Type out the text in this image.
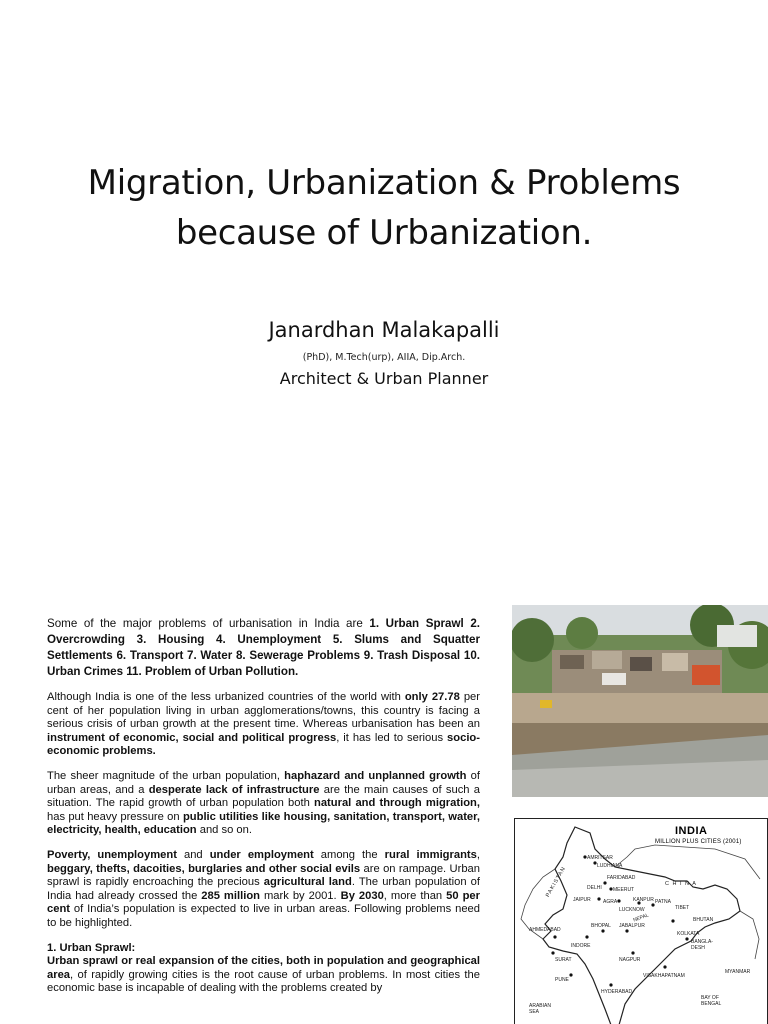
Migration, Urbanization & Problems
because of Urbanization.
Janardhan Malakapalli
(PhD), M.Tech(urp), AIIA, Dip.Arch.
Architect & Urban Planner

Some of the major problems of urbanisation in India are 1. Urban Sprawl 2. Overcrowding 3. Housing 4. Unemployment 5. Slums and Squatter Settlements 6. Transport 7. Water 8. Sewerage Problems 9. Trash Disposal 10. Urban Crimes 11. Problem of Urban Pollution.

Although India is one of the less urbanized countries of the world with only 27.78 per cent of her population living in urban agglomerations/towns, this country is facing a serious crisis of urban growth at the present time. Whereas urbanisation has been an instrument of economic, social and political progress, it has led to serious socio-economic problems.

The sheer magnitude of the urban population, haphazard and unplanned growth of urban areas, and a desperate lack of infrastructure are the main causes of such a situation. The rapid growth of urban population both natural and through migration, has put heavy pressure on public utilities like housing, sanitation, transport, water, electricity, health, education and so on.

Poverty, unemployment and under employment among the rural immigrants, beggary, thefts, dacoities, burglaries and other social evils are on rampage. Urban sprawl is rapidly encroaching the precious agricultural land. The urban population of India had already crossed the 285 million mark by 2001. By 2030, more than 50 per cent of India’s population is expected to live in urban areas. Following problems need to be highlighted.

1. Urban Sprawl:
Urban sprawl or real expansion of the cities, both in population and geographical area, of rapidly growing cities is the root cause of urban problems. In most cities the economic base is incapable of dealing with the problems created by

INDIA
MILLION PLUS CITIES (2001)
PAKISTAN	C H I N A
TIBET
NEPAL	BHUTAN
BANGLA-DESH
MYANMAR
ARABIAN SEA
BAY OF BENGAL
AMRITSAR
LUDHIANA
FARIDABAD
DELHI MEERUT
JAIPUR AGRA
LUCKNOW
KANPUR PATNA
AHMEDABAD
INDORE
BHOPAL JABALPUR
SURAT	NAGPUR
KOLKATA
PUNE
HYDERABAD
VISAKHAPATNAM
